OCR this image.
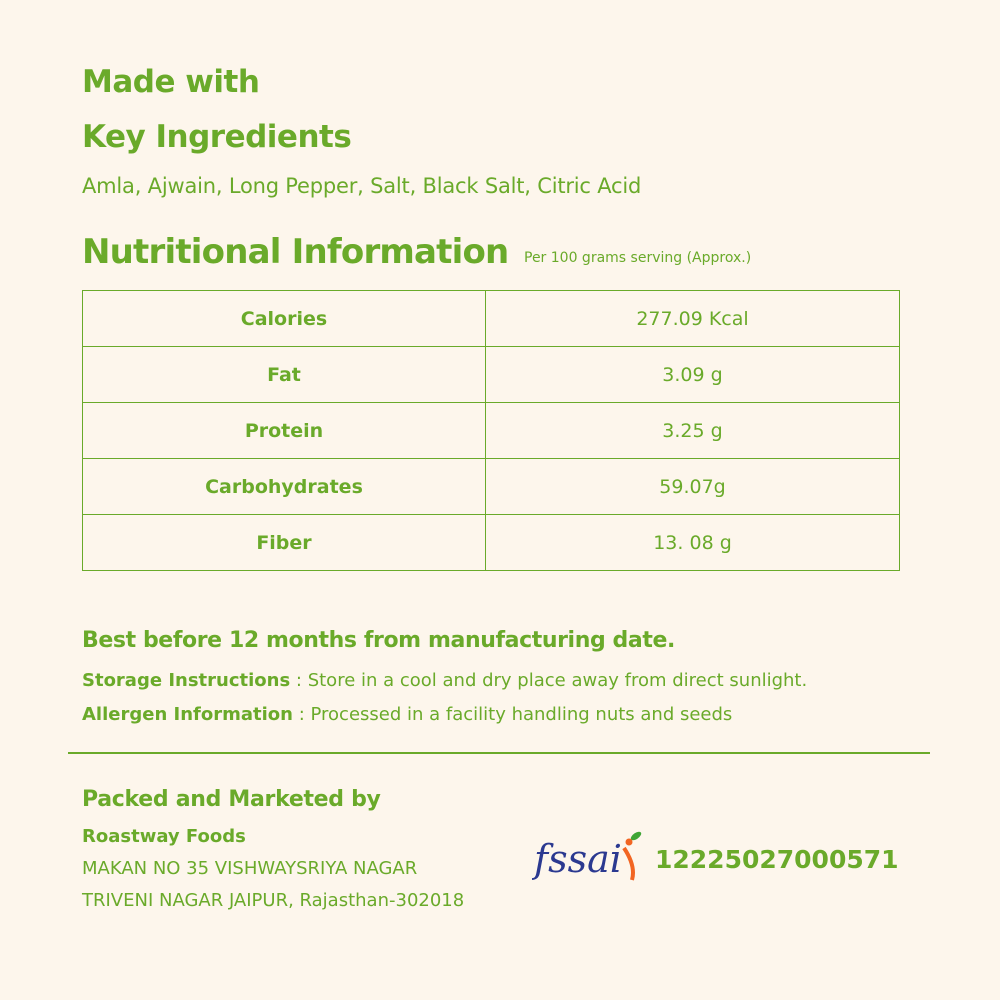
Made with
Key Ingredients
Amla, Ajwain, Long Pepper, Salt, Black Salt, Citric Acid
Nutritional Information Per 100 grams serving (Approx.)
Calories	277.09 Kcal
Fat	3.09 g
Protein	3.25 g
Carbohydrates	59.07g
Fiber	13. 08 g
Best before 12 months from manufacturing date.
Storage Instructions : Store in a cool and dry place away from direct sunlight.
Allergen Information : Processed in a facility handling nuts and seeds
Packed and Marketed by
Roastway Foods
MAKAN NO 35 VISHWAYSRIYA NAGAR
TRIVENI NAGAR JAIPUR, Rajasthan-302018
fssai 12225027000571
